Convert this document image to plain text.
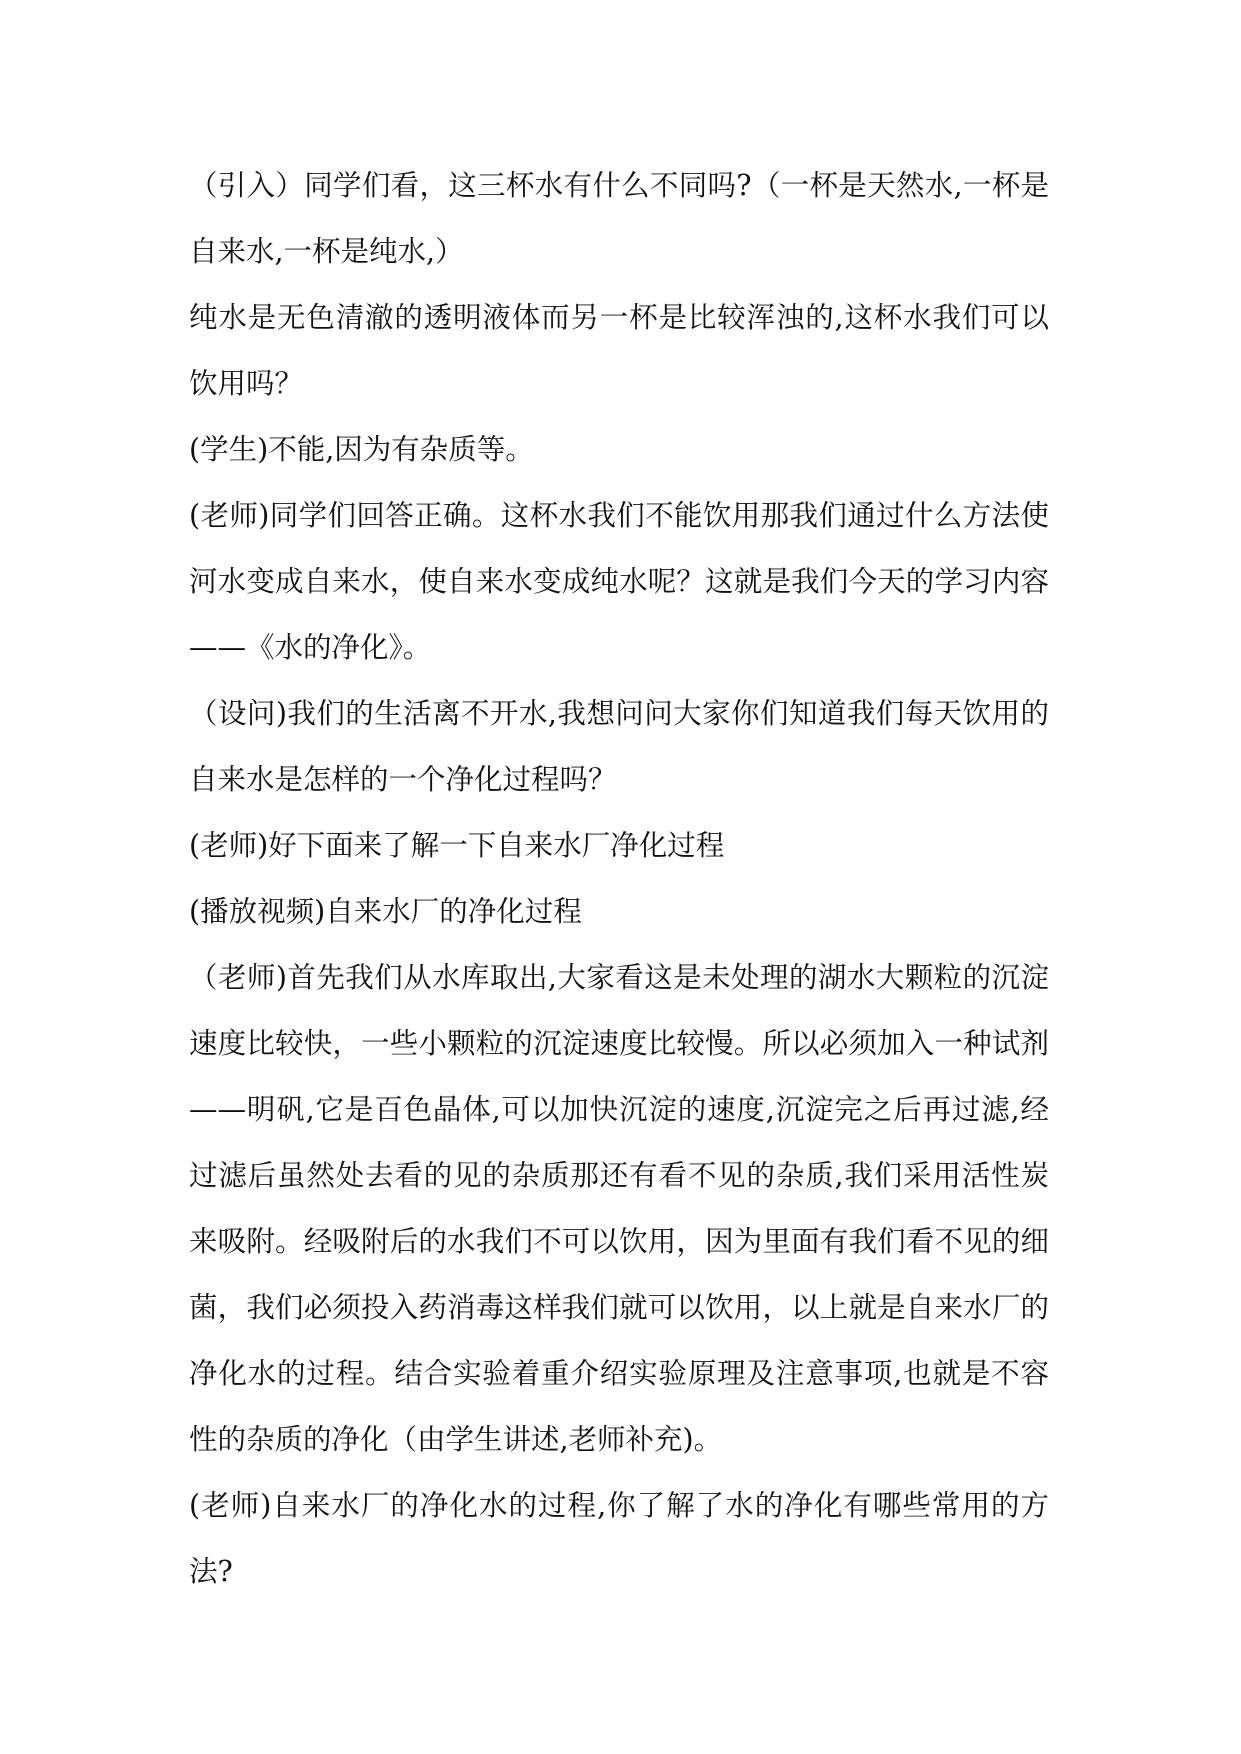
（引入）同学们看，这三杯水有什么不同吗?（一杯是天然水,一杯是自来水,一杯是纯水,）

纯水是无色清澈的透明液体而另一杯是比较浑浊的,这杯水我们可以饮用吗？

(学生)不能,因为有杂质等。

(老师)同学们回答正确。这杯水我们不能饮用那我们通过什么方法使河水变成自来水，使自来水变成纯水呢？这就是我们今天的学习内容——《水的净化》。

（设问)我们的生活离不开水,我想问问大家你们知道我们每天饮用的自来水是怎样的一个净化过程吗？

(老师)好下面来了解一下自来水厂净化过程

(播放视频)自来水厂的净化过程

（老师)首先我们从水库取出,大家看这是未处理的湖水大颗粒的沉淀速度比较快，一些小颗粒的沉淀速度比较慢。所以必须加入一种试剂——明矾,它是百色晶体,可以加快沉淀的速度,沉淀完之后再过滤,经过滤后虽然处去看的见的杂质那还有看不见的杂质,我们采用活性炭来吸附。经吸附后的水我们不可以饮用，因为里面有我们看不见的细菌，我们必须投入药消毒这样我们就可以饮用，以上就是自来水厂的净化水的过程。结合实验着重介绍实验原理及注意事项,也就是不容性的杂质的净化（由学生讲述,老师补充)。

(老师)自来水厂的净化水的过程,你了解了水的净化有哪些常用的方法?
